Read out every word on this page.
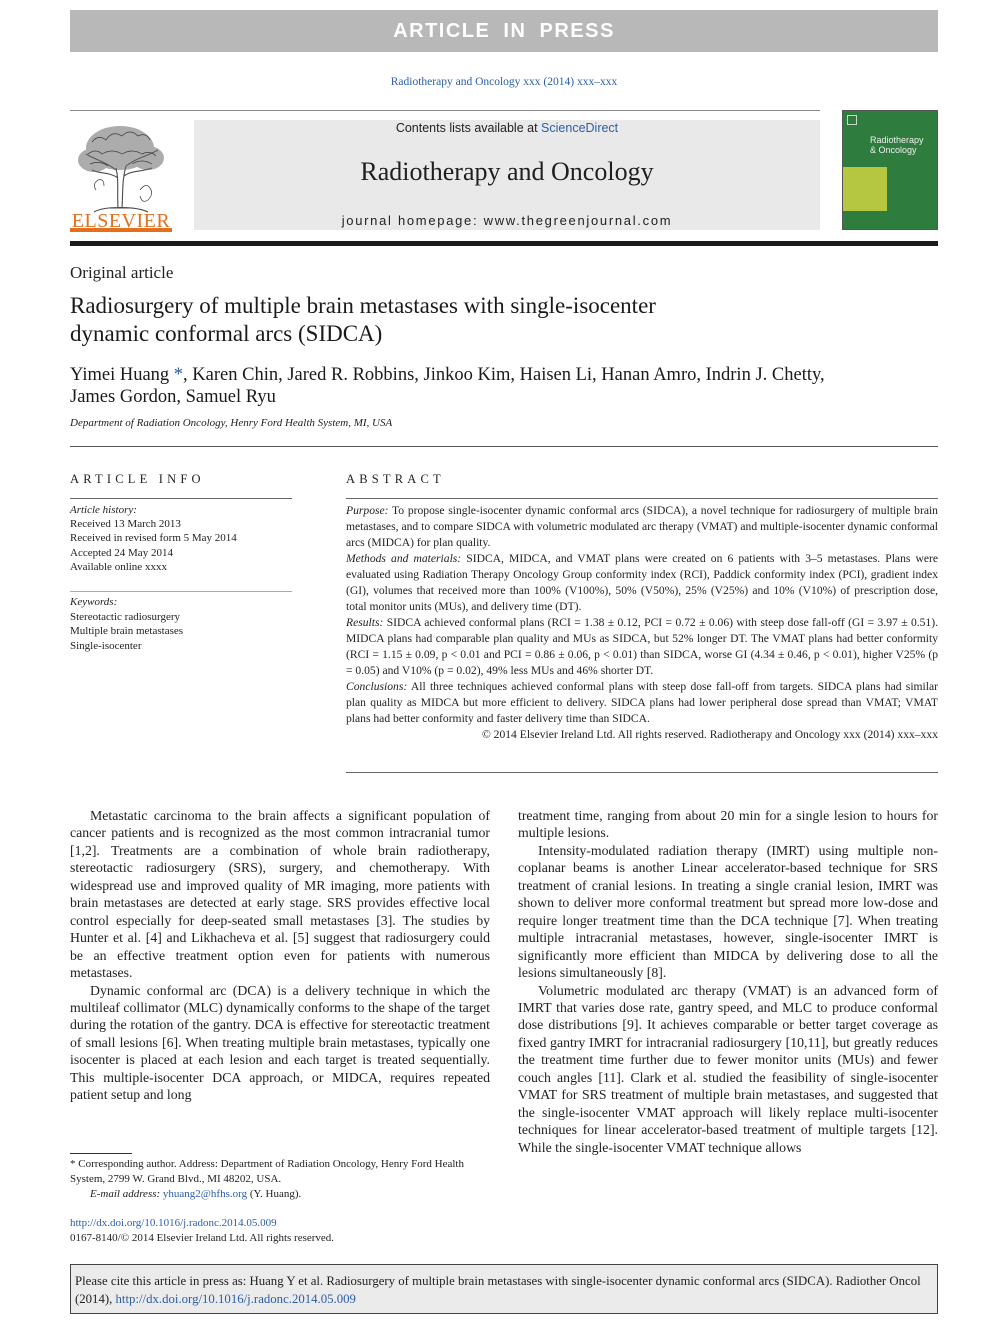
ARTICLE IN PRESS
Radiotherapy and Oncology xxx (2014) xxx–xxx
ELSEVIER
Contents lists available at ScienceDirect
Radiotherapy and Oncology
journal homepage: www.thegreenjournal.com
Radiotherapy
& Oncology
Original article
Radiosurgery of multiple brain metastases with single-isocenter
dynamic conformal arcs (SIDCA)
Yimei Huang *, Karen Chin, Jared R. Robbins, Jinkoo Kim, Haisen Li, Hanan Amro, Indrin J. Chetty,
James Gordon, Samuel Ryu
Department of Radiation Oncology, Henry Ford Health System, MI, USA
ARTICLE INFO	ABSTRACT
Article history:
Received 13 March 2013
Received in revised form 5 May 2014
Accepted 24 May 2014
Available online xxxx
Keywords:
Stereotactic radiosurgery
Multiple brain metastases
Single-isocenter

Purpose: To propose single-isocenter dynamic conformal arcs (SIDCA), a novel technique for radiosurgery of multiple brain metastases, and to compare SIDCA with volumetric modulated arc therapy (VMAT) and multiple-isocenter dynamic conformal arcs (MIDCA) for plan quality.

Methods and materials: SIDCA, MIDCA, and VMAT plans were created on 6 patients with 3–5 metastases. Plans were evaluated using Radiation Therapy Oncology Group conformity index (RCI), Paddick conformity index (PCI), gradient index (GI), volumes that received more than 100% (V100%), 50% (V50%), 25% (V25%) and 10% (V10%) of prescription dose, total monitor units (MUs), and delivery time (DT).

Results: SIDCA achieved conformal plans (RCI = 1.38 ± 0.12, PCI = 0.72 ± 0.06) with steep dose fall-off (GI = 3.97 ± 0.51). MIDCA plans had comparable plan quality and MUs as SIDCA, but 52% longer DT. The VMAT plans had better conformity (RCI = 1.15 ± 0.09, p < 0.01 and PCI = 0.86 ± 0.06, p < 0.01) than SIDCA, worse GI (4.34 ± 0.46, p < 0.01), higher V25% (p = 0.05) and V10% (p = 0.02), 49% less MUs and 46% shorter DT.

Conclusions: All three techniques achieved conformal plans with steep dose fall-off from targets. SIDCA plans had similar plan quality as MIDCA but more efficient to delivery. SIDCA plans had lower peripheral dose spread than VMAT; VMAT plans had better conformity and faster delivery time than SIDCA.

© 2014 Elsevier Ireland Ltd. All rights reserved. Radiotherapy and Oncology xxx (2014) xxx–xxx

Metastatic carcinoma to the brain affects a significant population of cancer patients and is recognized as the most common intracranial tumor [1,2]. Treatments are a combination of whole brain radiotherapy, stereotactic radiosurgery (SRS), surgery, and chemotherapy. With widespread use and improved quality of MR imaging, more patients with brain metastases are detected at early stage. SRS provides effective local control especially for deep-seated small metastases [3]. The studies by Hunter et al. [4] and Likhacheva et al. [5] suggest that radiosurgery could be an effective treatment option even for patients with numerous metastases.

Dynamic conformal arc (DCA) is a delivery technique in which the multileaf collimator (MLC) dynamically conforms to the shape of the target during the rotation of the gantry. DCA is effective for stereotactic treatment of small lesions [6]. When treating multiple brain metastases, typically one isocenter is placed at each lesion and each target is treated sequentially. This multiple-isocenter DCA approach, or MIDCA, requires repeated patient setup and long

treatment time, ranging from about 20 min for a single lesion to hours for multiple lesions.

Intensity-modulated radiation therapy (IMRT) using multiple non-coplanar beams is another Linear accelerator-based technique for SRS treatment of cranial lesions. In treating a single cranial lesion, IMRT was shown to deliver more conformal treatment but spread more low-dose and require longer treatment time than the DCA technique [7]. When treating multiple intracranial metastases, however, single-isocenter IMRT is significantly more efficient than MIDCA by delivering dose to all the lesions simultaneously [8].

Volumetric modulated arc therapy (VMAT) is an advanced form of IMRT that varies dose rate, gantry speed, and MLC to produce conformal dose distributions [9]. It achieves comparable or better target coverage as fixed gantry IMRT for intracranial radiosurgery [10,11], but greatly reduces the treatment time further due to fewer monitor units (MUs) and fewer couch angles [11]. Clark et al. studied the feasibility of single-isocenter VMAT for SRS treatment of multiple brain metastases, and suggested that the single-isocenter VMAT approach will likely replace multi-isocenter techniques for linear accelerator-based treatment of multiple targets [12]. While the single-isocenter VMAT technique allows

* Corresponding author. Address: Department of Radiation Oncology, Henry Ford Health System, 2799 W. Grand Blvd., MI 48202, USA.
E-mail address: yhuang2@hfhs.org (Y. Huang).
http://dx.doi.org/10.1016/j.radonc.2014.05.009
0167-8140/© 2014 Elsevier Ireland Ltd. All rights reserved.
Please cite this article in press as: Huang Y et al. Radiosurgery of multiple brain metastases with single-isocenter dynamic conformal arcs (SIDCA). Radiother Oncol (2014), http://dx.doi.org/10.1016/j.radonc.2014.05.009
